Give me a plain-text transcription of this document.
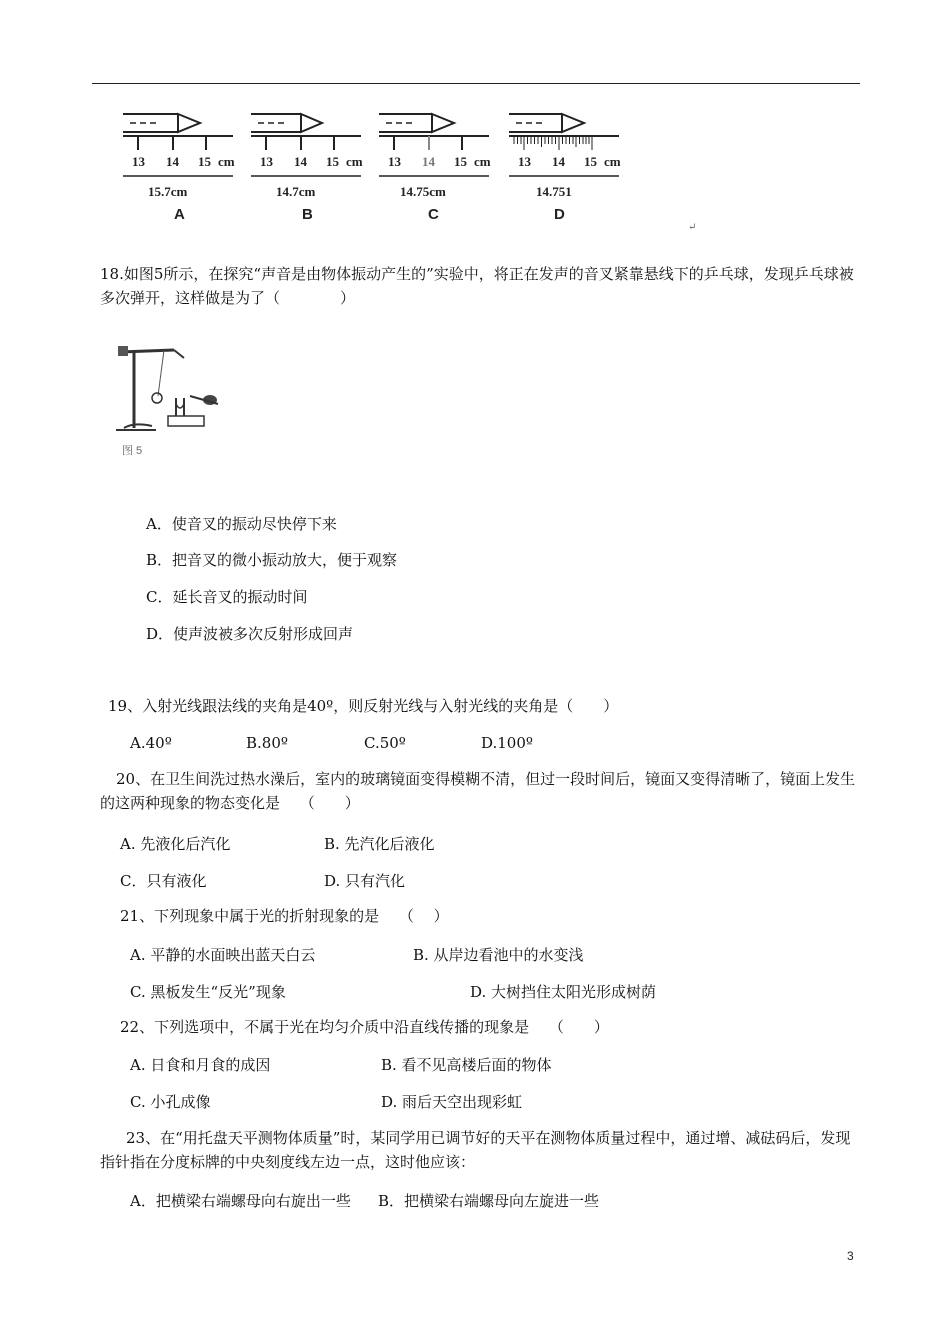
13 14 15 cm
15.7cm
A
13 14 15 cm
14.7cm
B
13 14 15 cm
14.75cm
C
13 14 15 cm
14.751
D
↵
18.如图5所示，在探究“声音是由物体振动产生的”实验中，将正在发声的音叉紧靠悬线下的乒乓球，发现乒乓球被多次弹开，这样做是为了（　　　　）
图 5
A．使音叉的振动尽快停下来
B．把音叉的微小振动放大，便于观察
C．延长音叉的振动时间
D．使声波被多次反射形成回声
19、入射光线跟法线的夹角是40º，则反射光线与入射光线的夹角是（　　）
A.40º	B.80º	C.50º	D.100º
20、在卫生间洗过热水澡后，室内的玻璃镜面变得模糊不清，但过一段时间后，镜面又变得清晰了，镜面上发生的这两种现象的物态变化是　 （　　）
A. 先液化后汽化	B. 先汽化后液化
C．只有液化	D. 只有汽化
21、下列现象中属于光的折射现象的是　 （　 ）
A. 平静的水面映出蓝天白云	B. 从岸边看池中的水变浅
C. 黑板发生“反光”现象	D. 大树挡住太阳光形成树荫
22、下列选项中，不属于光在均匀介质中沿直线传播的现象是　 （　　）
A. 日食和月食的成因	B. 看不见高楼后面的物体
C. 小孔成像	D. 雨后天空出现彩虹
23、在“用托盘天平测物体质量”时，某同学用已调节好的天平在测物体质量过程中，通过增、减砝码后，发现指针指在分度标牌的中央刻度线左边一点，这时他应该：
A．把横梁右端螺母向右旋出一些 B．把横梁右端螺母向左旋进一些
3
